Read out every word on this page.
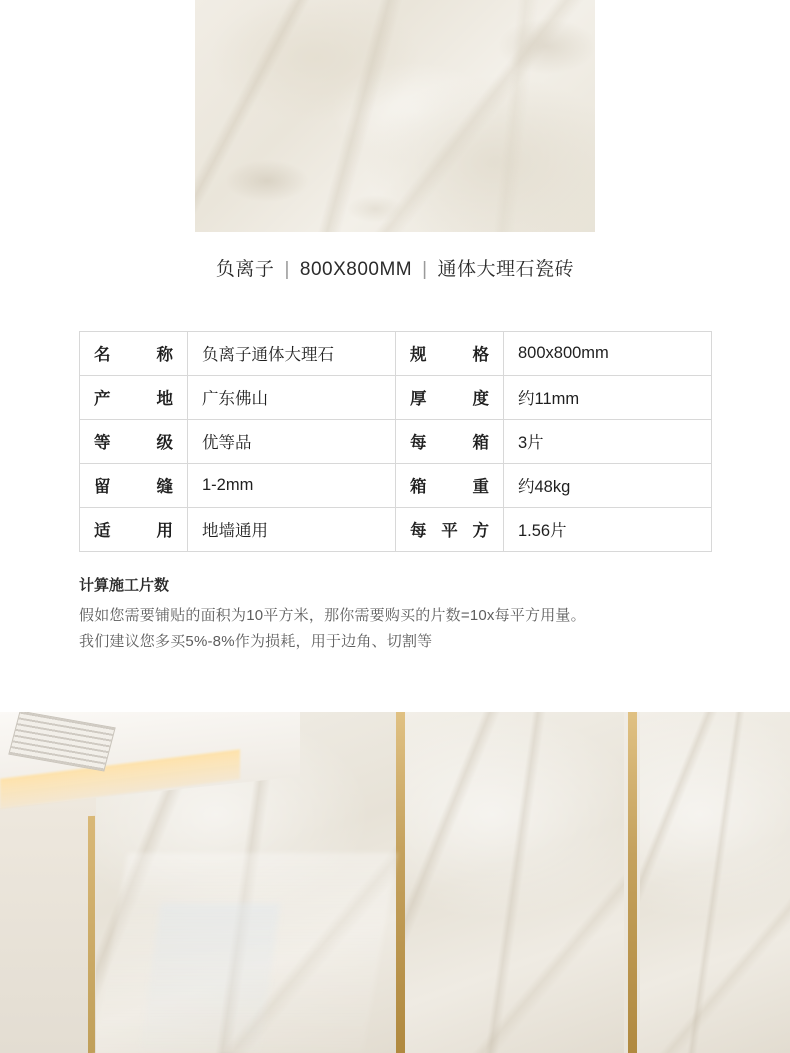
负离子 | 800X800MM | 通体大理石瓷砖
名称	负离子通体大理石	规格	800x800mm
产地	广东佛山	厚度	约11mm
等级	优等品	每箱	3片
留缝	1-2mm	箱重	约48kg
适用	地墙通用	每平方	1.56片
计算施工片数
假如您需要铺贴的面积为10平方米，那你需要购买的片数=10x每平方用量。
我们建议您多买5%-8%作为损耗，用于边角、切割等
